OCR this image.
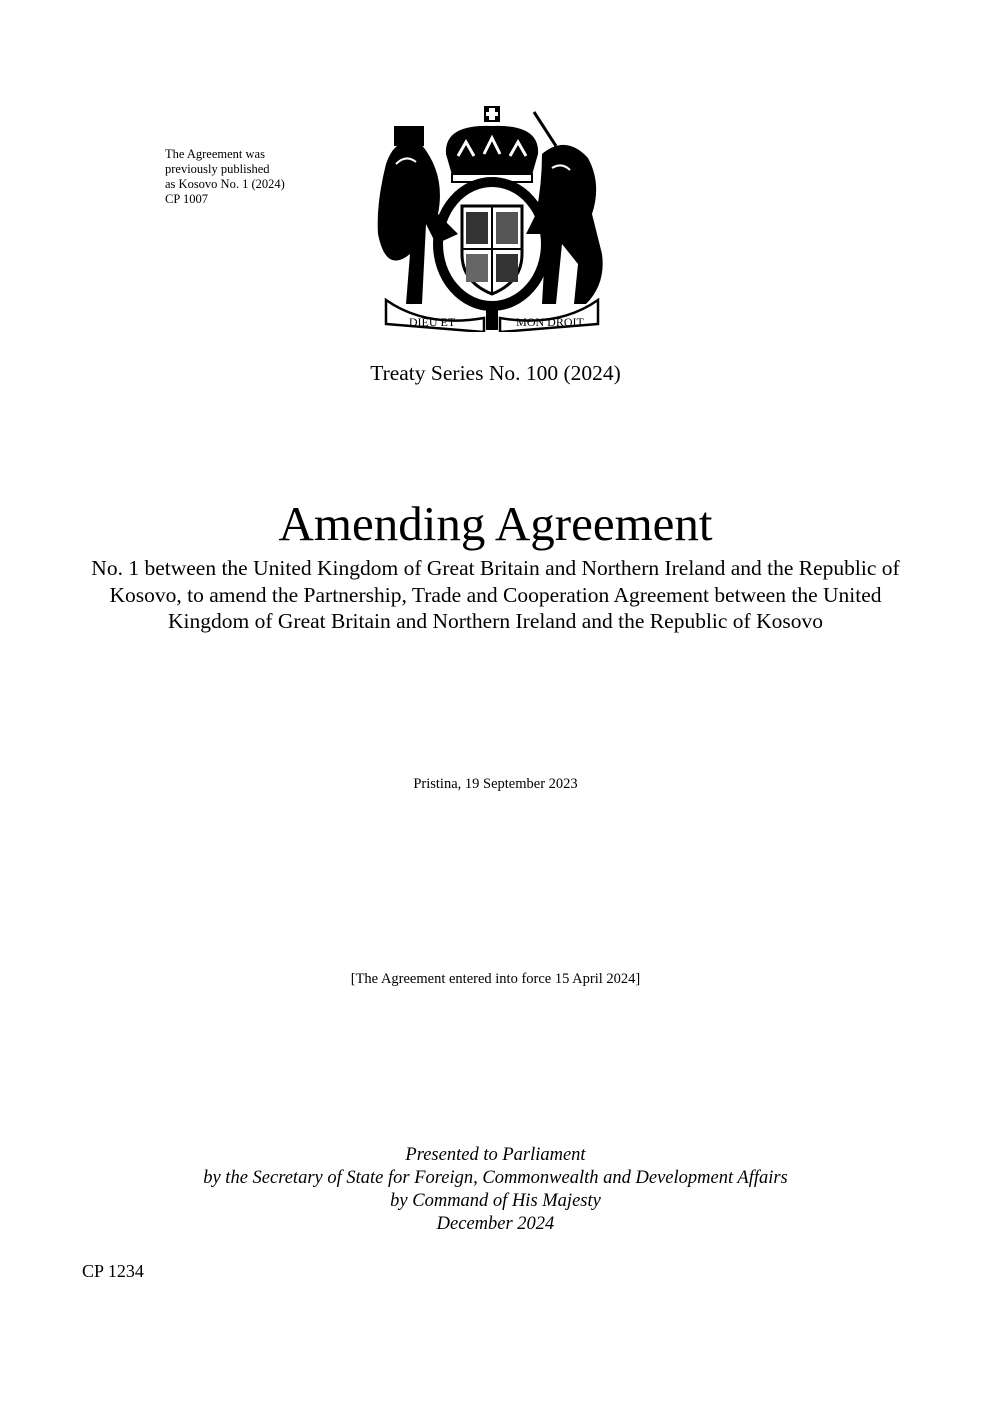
The Agreement was
previously published
as Kosovo No. 1 (2024)
CP 1007
DIEU ET	MON DROIT
Treaty Series No. 100 (2024)
Amending Agreement
No. 1 between the United Kingdom of Great Britain and Northern Ireland and the Republic of Kosovo, to amend the Partnership, Trade and Cooperation Agreement between the United Kingdom of Great Britain and Northern Ireland and the Republic of Kosovo
Pristina, 19 September 2023
[The Agreement entered into force 15 April 2024]
Presented to Parliament
by the Secretary of State for Foreign, Commonwealth and Development Affairs
by Command of His Majesty
December 2024
CP 1234
